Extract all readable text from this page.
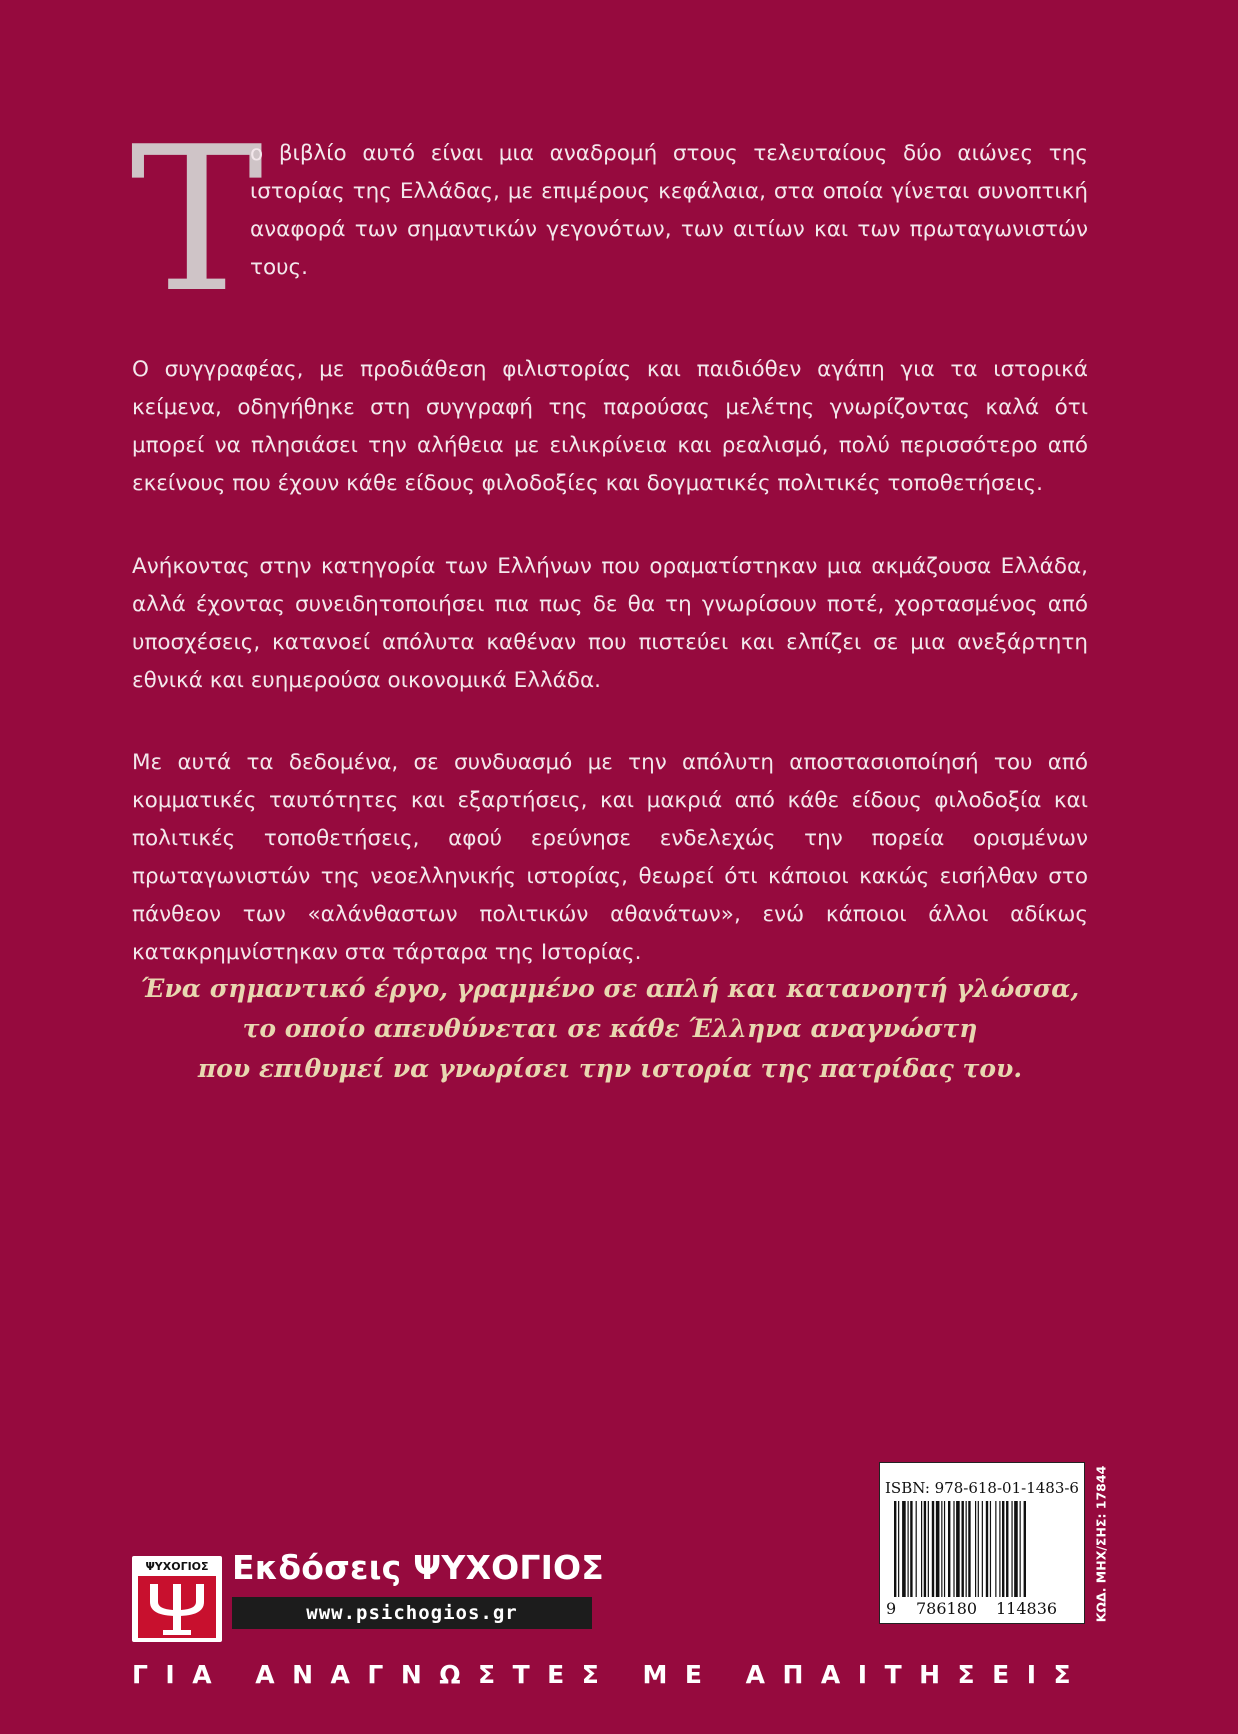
Τ

ο βιβλίο αυτό είναι μια αναδρομή στους τελευταίους δύο αιώνες της ιστορίας της Ελλάδας, με επιμέρους κεφάλαια, στα οποία γίνεται συνοπτική αναφορά των σημαντικών γεγονότων, των αιτίων και των πρωταγωνιστών τους.

Ο συγγραφέας, με προδιάθεση φιλιστορίας και παιδιόθεν αγάπη για τα ιστορικά κείμενα, οδηγήθηκε στη συγγραφή της παρούσας μελέτης γνωρίζοντας καλά ότι μπορεί να πλησιάσει την αλήθεια με ειλικρίνεια και ρεαλισμό, πολύ περισσότερο από εκείνους που έχουν κάθε είδους φιλοδοξίες και δογματικές πολιτικές τοποθετήσεις.

Ανήκοντας στην κατηγορία των Ελλήνων που οραματίστηκαν μια ακμάζουσα Ελλάδα, αλλά έχοντας συνειδητοποιήσει πια πως δε θα τη γνωρίσουν ποτέ, χορτασμένος από υποσχέσεις, κατανοεί απόλυτα καθέναν που πιστεύει και ελπίζει σε μια ανεξάρτητη εθνικά και ευημερούσα οικονομικά Ελλάδα.

Με αυτά τα δεδομένα, σε συνδυασμό με την απόλυτη αποστασιοποίησή του από κομματικές ταυτότητες και εξαρτήσεις, και μακριά από κάθε είδους φιλοδοξία και πολιτικές τοποθετήσεις, αφού ερεύνησε ενδελεχώς την πορεία ορισμένων πρωταγωνιστών της νεοελληνικής ιστορίας, θεωρεί ότι κάποιοι κακώς εισήλθαν στο πάνθεον των «αλάνθαστων πολιτικών αθανάτων», ενώ κάποιοι άλλοι αδίκως κατακρημνίστηκαν στα τάρταρα της Ιστορίας.

Ένα σημαντικό έργο, γραμμένο σε απλή και κατανοητή γλώσσα,
το οποίο απευθύνεται σε κάθε Έλληνα αναγνώστη
που επιθυμεί να γνωρίσει την ιστορία της πατρίδας του.
ΨΥΧΟΓΙΟΣ Εκδόσεις ΨΥΧΟΓΙΟΣ
www.psichogios.gr
ISBN: 978-618-01-1483-6
9 786180 114836	ΚΩΔ. ΜΗΧ/ΣΗΣ: 17844
ΓΙΑ ΑΝΑΓΝΩΣΤΕΣ ΜΕ ΑΠΑΙΤΗΣΕΙΣ
